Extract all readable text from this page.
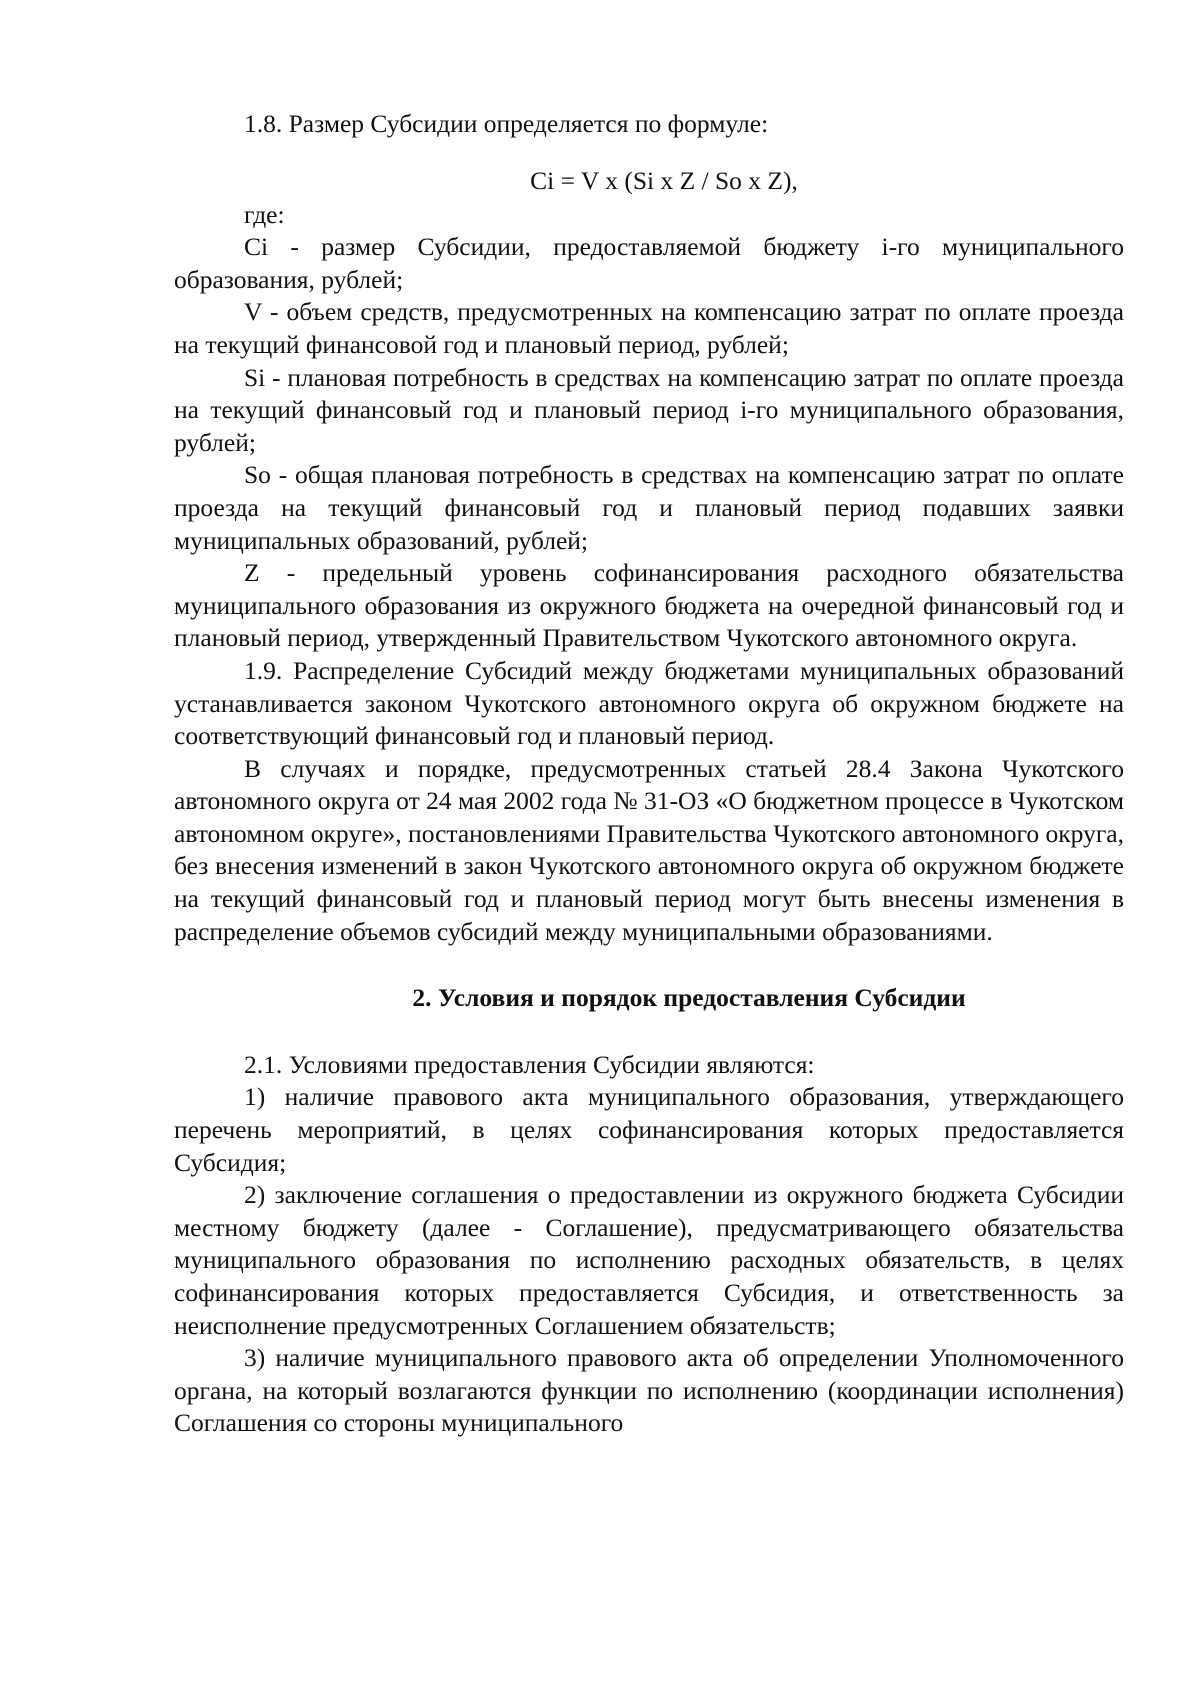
1.8. Размер Субсидии определяется по формуле:

Ci = V x (Si x Z / So x Z),

где:

Ci - размер Субсидии, предоставляемой бюджету i-го муниципального образования, рублей;

V - объем средств, предусмотренных на компенсацию затрат по оплате проезда на текущий финансовой год и плановый период, рублей;

Si - плановая потребность в средствах на компенсацию затрат по оплате проезда на текущий финансовый год и плановый период i-го муниципального образования, рублей;

So - общая плановая потребность в средствах на компенсацию затрат по оплате проезда на текущий финансовый год и плановый период подавших заявки муниципальных образований, рублей;

Z - предельный уровень софинансирования расходного обязательства муниципального образования из окружного бюджета на очередной финансовый год и плановый период, утвержденный Правительством Чукотского автономного округа.

1.9. Распределение Субсидий между бюджетами муниципальных образований устанавливается законом Чукотского автономного округа об окружном бюджете на соответствующий финансовый год и плановый период.

В случаях и порядке, предусмотренных статьей 28.4 Закона Чукотского автономного округа от 24 мая 2002 года № 31-ОЗ «О бюджетном процессе в Чукотском автономном округе», постановлениями Правительства Чукотского автономного округа, без внесения изменений в закон Чукотского автономного округа об окружном бюджете на текущий финансовый год и плановый период могут быть внесены изменения в распределение объемов субсидий между муниципальными образованиями.

2. Условия и порядок предоставления Субсидии

2.1. Условиями предоставления Субсидии являются:

1) наличие правового акта муниципального образования, утверждающего перечень мероприятий, в целях софинансирования которых предоставляется Субсидия;

2) заключение соглашения о предоставлении из окружного бюджета Субсидии местному бюджету (далее - Соглашение), предусматривающего обязательства муниципального образования по исполнению расходных обязательств, в целях софинансирования которых предоставляется Субсидия, и ответственность за неисполнение предусмотренных Соглашением обязательств;

3) наличие муниципального правового акта об определении Уполномоченного органа, на который возлагаются функции по исполнению (координации исполнения) Соглашения со стороны муниципального
